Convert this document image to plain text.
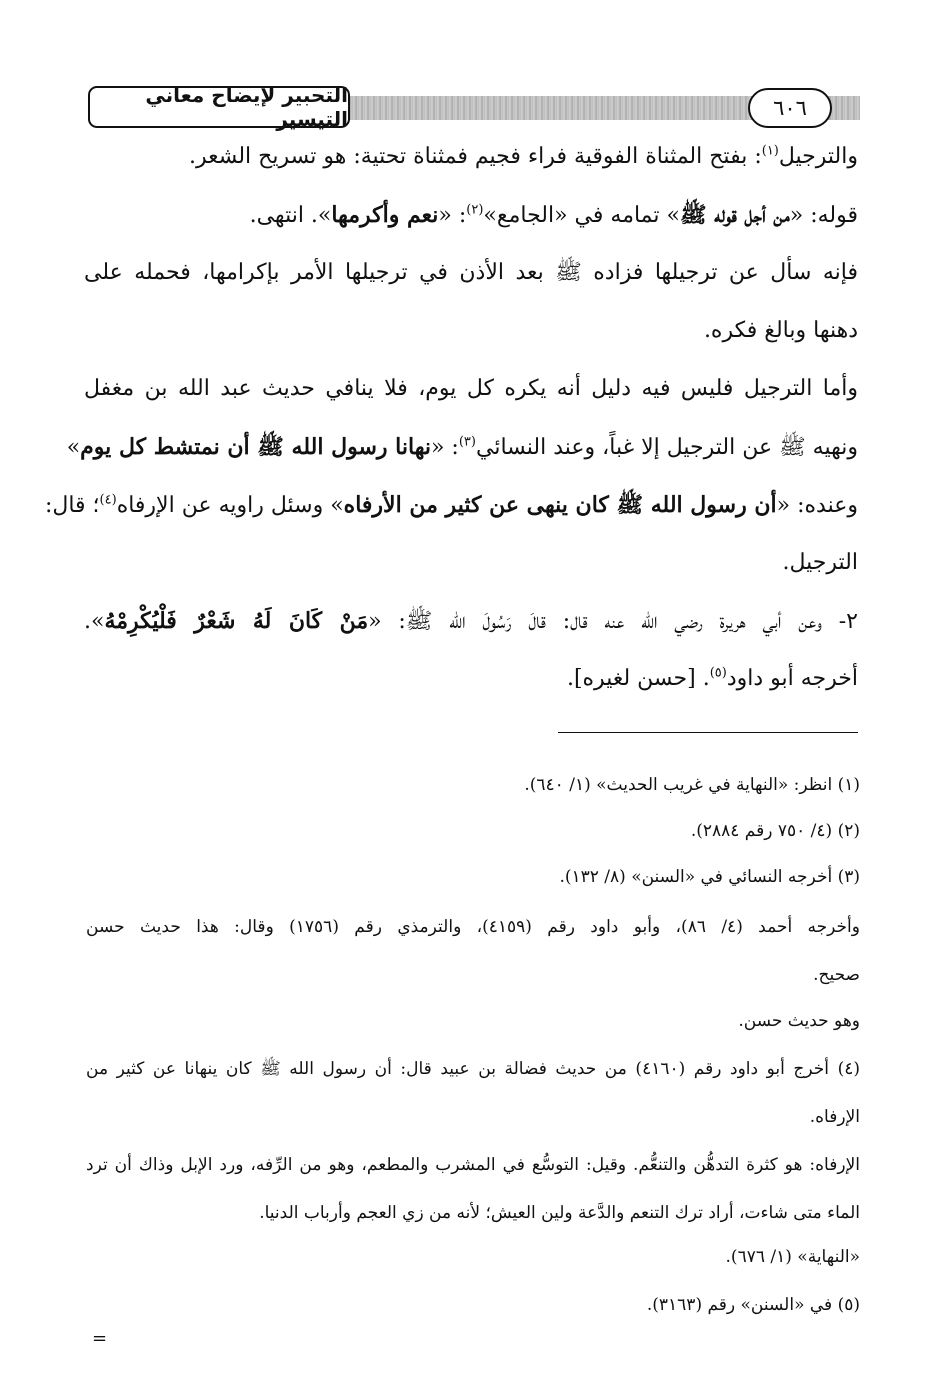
التحبير لإيضاح معاني التيسير	٦٠٦
والترجيل$^{(١)}$: بفتح المثناة الفوقية فراء فجيم فمثناة تحتية: هو تسريح الشعر.
قوله: «من أجل قوله ﷺ» تمامه في «الجامع»$^{(٢)}$: «نعم وأكرمها». انتهى.
فإنه سأل عن ترجيلها فزاده ﷺ بعد الأذن في ترجيلها الأمر بإكرامها، فحمله على
دهنها وبالغ فكره.
وأما الترجيل فليس فيه دليل أنه يكره كل يوم، فلا ينافي حديث عبد الله بن مغفل
ونهيه ﷺ عن الترجيل إلا غباً، وعند النسائي$^{(٣)}$: «نهانا رسول الله ﷺ أن نمتشط كل يوم»
وعنده: «أن رسول الله ﷺ كان ينهى عن كثير من الأرفاه» وسئل راويه عن الإرفاه$^{(٤)}$؛ قال:
الترجيل.
٢- وعن أبي هريرة رضي الله عنه قال: قالَ رَسُولَ الله ﷺ: «مَنْ كَانَ لَهُ شَعْرٌ فَلْيُكْرِمْهُ».
أخرجه أبو داود$^{(٥)}$. [حسن لغيره].
(١) انظر: «النهاية في غريب الحديث» (١/ ٦٤٠).
(٢) (٤/ ٧٥٠ رقم ٢٨٨٤).
(٣) أخرجه النسائي في «السنن» (٨/ ١٣٢).
وأخرجه أحمد (٤/ ٨٦)، وأبو داود رقم (٤١٥٩)، والترمذي رقم (١٧٥٦) وقال: هذا حديث حسن
صحيح.
وهو حديث حسن.
(٤) أخرج أبو داود رقم (٤١٦٠) من حديث فضالة بن عبيد قال: أن رسول الله ﷺ كان ينهانا عن كثير من
الإرفاه.
الإرفاه: هو كثرة التدهُّن والتنعُّم. وقيل: التوسُّع في المشرب والمطعم، وهو من الرِّفه، ورد الإبل وذاك أن ترد
الماء متى شاءت، أراد ترك التنعم والدَّعة ولين العيش؛ لأنه من زي العجم وأرباب الدنيا.
«النهاية» (١/ ٦٧٦).
(٥) في «السنن» رقم (٣١٦٣).
=
